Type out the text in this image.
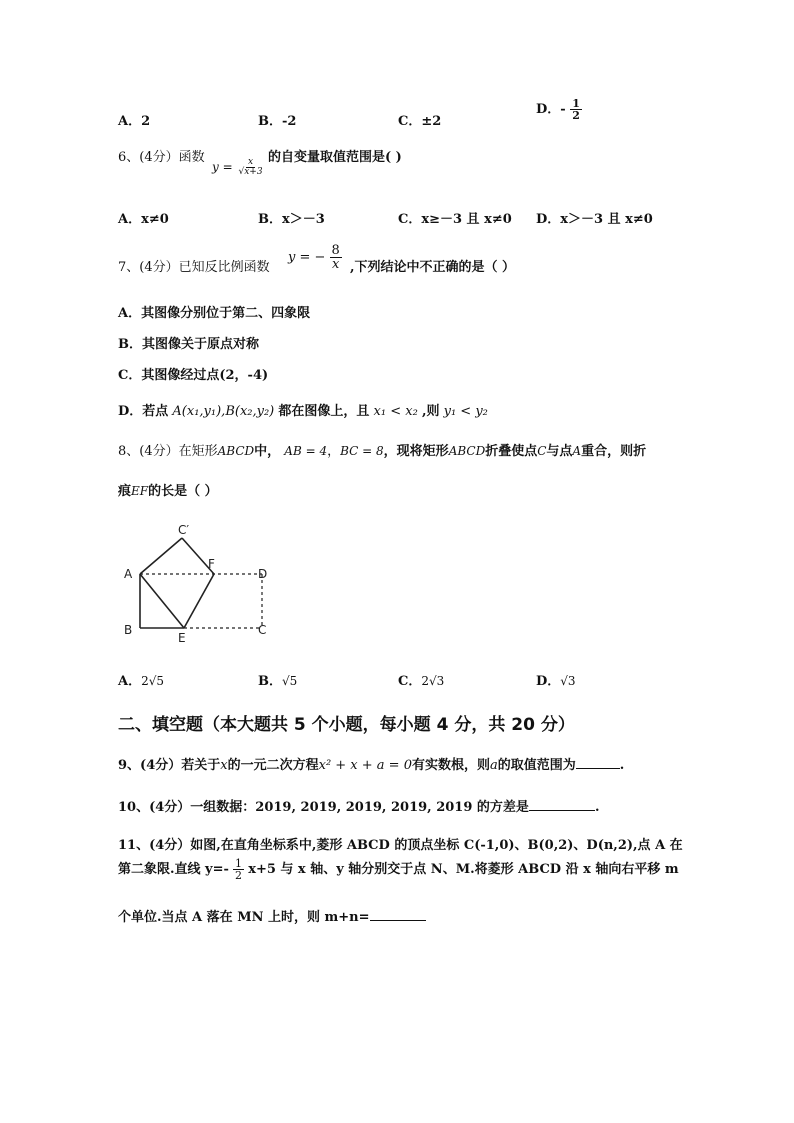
A．2	B．-2	C．±2
D．- $\frac{1}{2}$
6、(4分）函数
$y = \frac{x}{√x+3}$
的自变量取值范围是( )
A．x≠0	B．x＞－3	C．x≥－3 且 x≠0 D．x＞－3 且 x≠0
7、(4分）已知反比例函数
y = − $\frac{8}{x}$ ,下列结论中不正确的是（ ）
A．其图像分别位于第二、四象限
B．其图像关于原点对称
C．其图像经过点(2，-4)
D．若点 A(x₁,y₁),B(x₂,y₂) 都在图像上，且 x₁ < x₂ ,则 y₁ < y₂
8、(4分）在矩形ABCD中， AB = 4，BC = 8，现将矩形ABCD折叠使点C与点A重合，则折
痕EF的长是（ ）
C′
A
F
D
B
E
C
A．2√5	B．√5	C．2√3	D．√3
二、填空题（本大题共 5 个小题，每小题 4 分，共 20 分）
9、(4分）若关于x的一元二次方程x² + x + a = 0有实数根，则a的取值范围为	.
10、(4分）一组数据：2019, 2019, 2019, 2019, 2019 的方差是	.
11、(4分）如图,在直角坐标系中,菱形 ABCD 的顶点坐标 C(-1,0)、B(0,2)、D(n,2),点 A 在
第二象限.直线 $y=- \frac{1}{2} x+5$ 与 x 轴、y 轴分别交于点 N、M.将菱形 ABCD 沿 x 轴向右平移 m
个单位.当点 A 落在 MN 上时，则 m+n=
